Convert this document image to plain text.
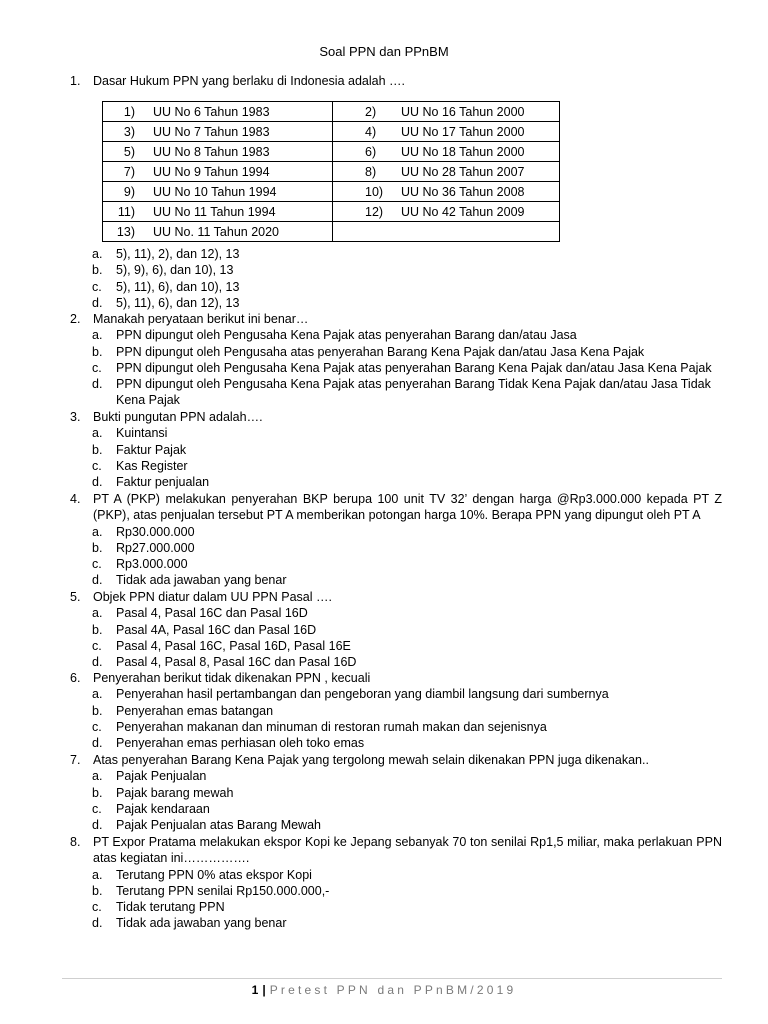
Soal PPN dan PPnBM
1.	Dasar Hukum PPN yang berlaku di Indonesia adalah ….
1) UU No 6 Tahun 1983	2) UU No 16 Tahun 2000
3) UU No 7 Tahun 1983	4) UU No 17 Tahun 2000
5) UU No 8 Tahun 1983	6) UU No 18 Tahun 2000
7) UU No 9 Tahun 1994	8) UU No 28 Tahun 2007
9) UU No 10 Tahun 1994	10) UU No 36 Tahun 2008
11) UU No 11 Tahun 1994	12) UU No 42 Tahun 2009
13) UU No. 11 Tahun 2020	
a. 5), 11), 2), dan 12), 13
b. 5), 9), 6), dan 10), 13
c. 5), 11), 6), dan 10), 13
d. 5), 11), 6), dan 12), 13
2.	Manakah peryataan berikut ini benar…
a. PPN dipungut oleh Pengusaha Kena Pajak atas penyerahan Barang dan/atau Jasa
b. PPN dipungut oleh Pengusaha atas penyerahan Barang Kena Pajak dan/atau Jasa Kena Pajak
c. PPN dipungut oleh Pengusaha Kena Pajak atas penyerahan Barang Kena Pajak dan/atau Jasa Kena Pajak
d. PPN dipungut oleh Pengusaha Kena Pajak atas penyerahan Barang Tidak Kena Pajak dan/atau Jasa Tidak Kena Pajak
3.	Bukti pungutan PPN adalah….
a. Kuintansi
b. Faktur Pajak
c. Kas Register
d. Faktur penjualan
4.	PT A (PKP) melakukan penyerahan BKP berupa 100 unit TV 32’ dengan harga @Rp3.000.000 kepada PT Z (PKP), atas penjualan tersebut PT A memberikan potongan harga 10%. Berapa PPN yang dipungut oleh PT A
a. Rp30.000.000
b. Rp27.000.000
c. Rp3.000.000
d. Tidak ada jawaban yang benar
5.	Objek PPN diatur dalam UU PPN Pasal ….
a. Pasal 4, Pasal 16C dan Pasal 16D
b. Pasal 4A, Pasal 16C dan Pasal 16D
c. Pasal 4, Pasal 16C, Pasal 16D, Pasal 16E
d. Pasal 4, Pasal 8, Pasal 16C dan Pasal 16D
6.	Penyerahan berikut tidak dikenakan PPN , kecuali
a. Penyerahan hasil pertambangan dan pengeboran yang diambil langsung dari sumbernya
b. Penyerahan emas batangan
c. Penyerahan makanan dan minuman di restoran rumah makan dan sejenisnya
d. Penyerahan emas perhiasan oleh toko emas
7.	Atas penyerahan Barang Kena Pajak yang tergolong mewah selain dikenakan PPN juga dikenakan..
a. Pajak Penjualan
b. Pajak barang mewah
c. Pajak kendaraan
d. Pajak Penjualan atas Barang Mewah
8.	PT Expor Pratama melakukan ekspor Kopi ke Jepang sebanyak 70 ton senilai Rp1,5 miliar, maka perlakuan PPN atas kegiatan ini…………….
a. Terutang PPN 0% atas ekspor Kopi
b. Terutang PPN senilai Rp150.000.000,-
c. Tidak terutang PPN
d. Tidak ada jawaban yang benar
1 | Pretest PPN dan PPnBM/2019
